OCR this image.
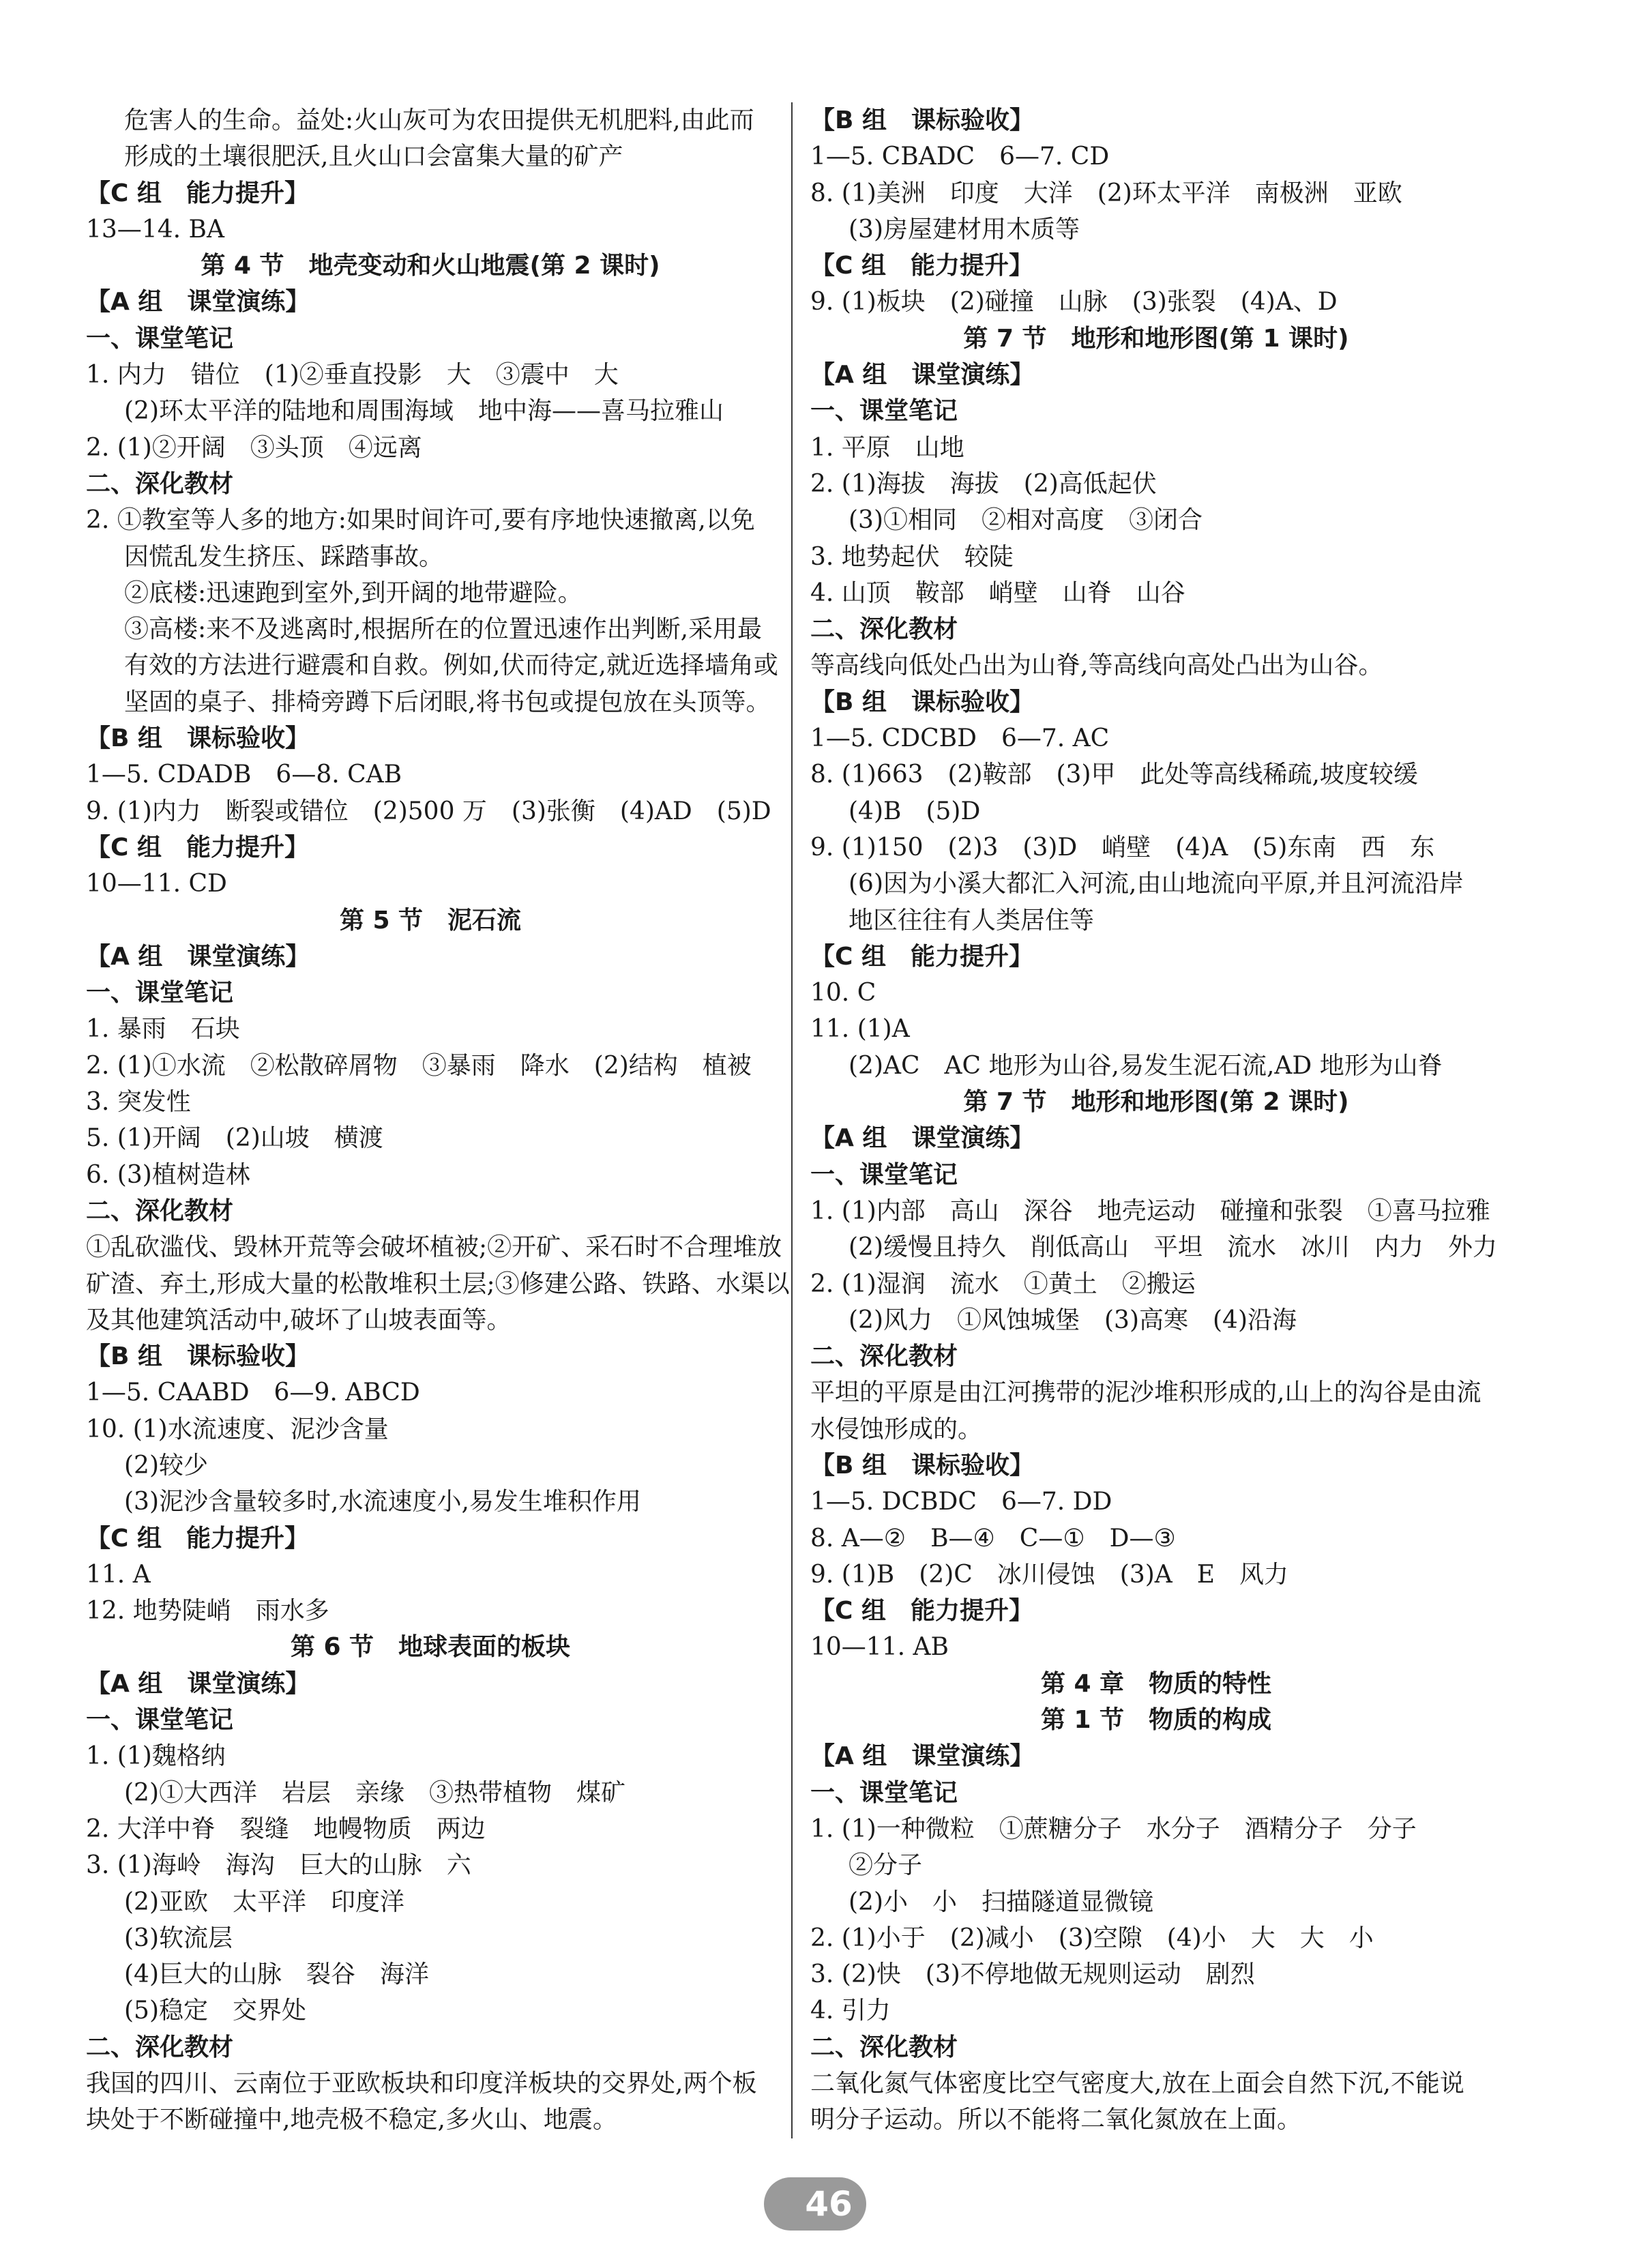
危害人的生命。益处:火山灰可为农田提供无机肥料,由此而
形成的土壤很肥沃,且火山口会富集大量的矿产
【C 组　能力提升】
13—14. BA
第 4 节　地壳变动和火山地震(第 2 课时)
【A 组　课堂演练】
一、课堂笔记
1. 内力　错位　(1)②垂直投影　大　③震中　大
(2)环太平洋的陆地和周围海域　地中海——喜马拉雅山
2. (1)②开阔　③头顶　④远离
二、深化教材
2. ①教室等人多的地方:如果时间许可,要有序地快速撤离,以免
因慌乱发生挤压、踩踏事故。
②底楼:迅速跑到室外,到开阔的地带避险。
③高楼:来不及逃离时,根据所在的位置迅速作出判断,采用最
有效的方法进行避震和自救。例如,伏而待定,就近选择墙角或
坚固的桌子、排椅旁蹲下后闭眼,将书包或提包放在头顶等。
【B 组　课标验收】
1—5. CDADB　6—8. CAB
9. (1)内力　断裂或错位　(2)500 万　(3)张衡　(4)AD　(5)D
【C 组　能力提升】
10—11. CD
第 5 节　泥石流
【A 组　课堂演练】
一、课堂笔记
1. 暴雨　石块
2. (1)①水流　②松散碎屑物　③暴雨　降水　(2)结构　植被
3. 突发性
5. (1)开阔　(2)山坡　横渡
6. (3)植树造林
二、深化教材
①乱砍滥伐、毁林开荒等会破坏植被;②开矿、采石时不合理堆放
矿渣、弃土,形成大量的松散堆积土层;③修建公路、铁路、水渠以
及其他建筑活动中,破坏了山坡表面等。
【B 组　课标验收】
1—5. CAABD　6—9. ABCD
10. (1)水流速度、泥沙含量
(2)较少
(3)泥沙含量较多时,水流速度小,易发生堆积作用
【C 组　能力提升】
11. A
12. 地势陡峭　雨水多
第 6 节　地球表面的板块
【A 组　课堂演练】
一、课堂笔记
1. (1)魏格纳
(2)①大西洋　岩层　亲缘　③热带植物　煤矿
2. 大洋中脊　裂缝　地幔物质　两边
3. (1)海岭　海沟　巨大的山脉　六
(2)亚欧　太平洋　印度洋
(3)软流层
(4)巨大的山脉　裂谷　海洋
(5)稳定　交界处
二、深化教材
我国的四川、云南位于亚欧板块和印度洋板块的交界处,两个板
块处于不断碰撞中,地壳极不稳定,多火山、地震。
【B 组　课标验收】
1—5. CBADC　6—7. CD
8. (1)美洲　印度　大洋　(2)环太平洋　南极洲　亚欧
(3)房屋建材用木质等
【C 组　能力提升】
9. (1)板块　(2)碰撞　山脉　(3)张裂　(4)A、D
第 7 节　地形和地形图(第 1 课时)
【A 组　课堂演练】
一、课堂笔记
1. 平原　山地
2. (1)海拔　海拔　(2)高低起伏
(3)①相同　②相对高度　③闭合
3. 地势起伏　较陡
4. 山顶　鞍部　峭壁　山脊　山谷
二、深化教材
等高线向低处凸出为山脊,等高线向高处凸出为山谷。
【B 组　课标验收】
1—5. CDCBD　6—7. AC
8. (1)663　(2)鞍部　(3)甲　此处等高线稀疏,坡度较缓
(4)B　(5)D
9. (1)150　(2)3　(3)D　峭壁　(4)A　(5)东南　西　东
(6)因为小溪大都汇入河流,由山地流向平原,并且河流沿岸
地区往往有人类居住等
【C 组　能力提升】
10. C
11. (1)A
(2)AC　AC 地形为山谷,易发生泥石流,AD 地形为山脊
第 7 节　地形和地形图(第 2 课时)
【A 组　课堂演练】
一、课堂笔记
1. (1)内部　高山　深谷　地壳运动　碰撞和张裂　①喜马拉雅
(2)缓慢且持久　削低高山　平坦　流水　冰川　内力　外力
2. (1)湿润　流水　①黄土　②搬运
(2)风力　①风蚀城堡　(3)高寒　(4)沿海
二、深化教材
平坦的平原是由江河携带的泥沙堆积形成的,山上的沟谷是由流
水侵蚀形成的。
【B 组　课标验收】
1—5. DCBDC　6—7. DD
8. A—②　B—④　C—①　D—③
9. (1)B　(2)C　冰川侵蚀　(3)A　E　风力
【C 组　能力提升】
10—11. AB
第 4 章　物质的特性
第 1 节　物质的构成
【A 组　课堂演练】
一、课堂笔记
1. (1)一种微粒　①蔗糖分子　水分子　酒精分子　分子
②分子
(2)小　小　扫描隧道显微镜
2. (1)小于　(2)减小　(3)空隙　(4)小　大　大　小
3. (2)快　(3)不停地做无规则运动　剧烈
4. 引力
二、深化教材
二氧化氮气体密度比空气密度大,放在上面会自然下沉,不能说
明分子运动。所以不能将二氧化氮放在上面。
46
